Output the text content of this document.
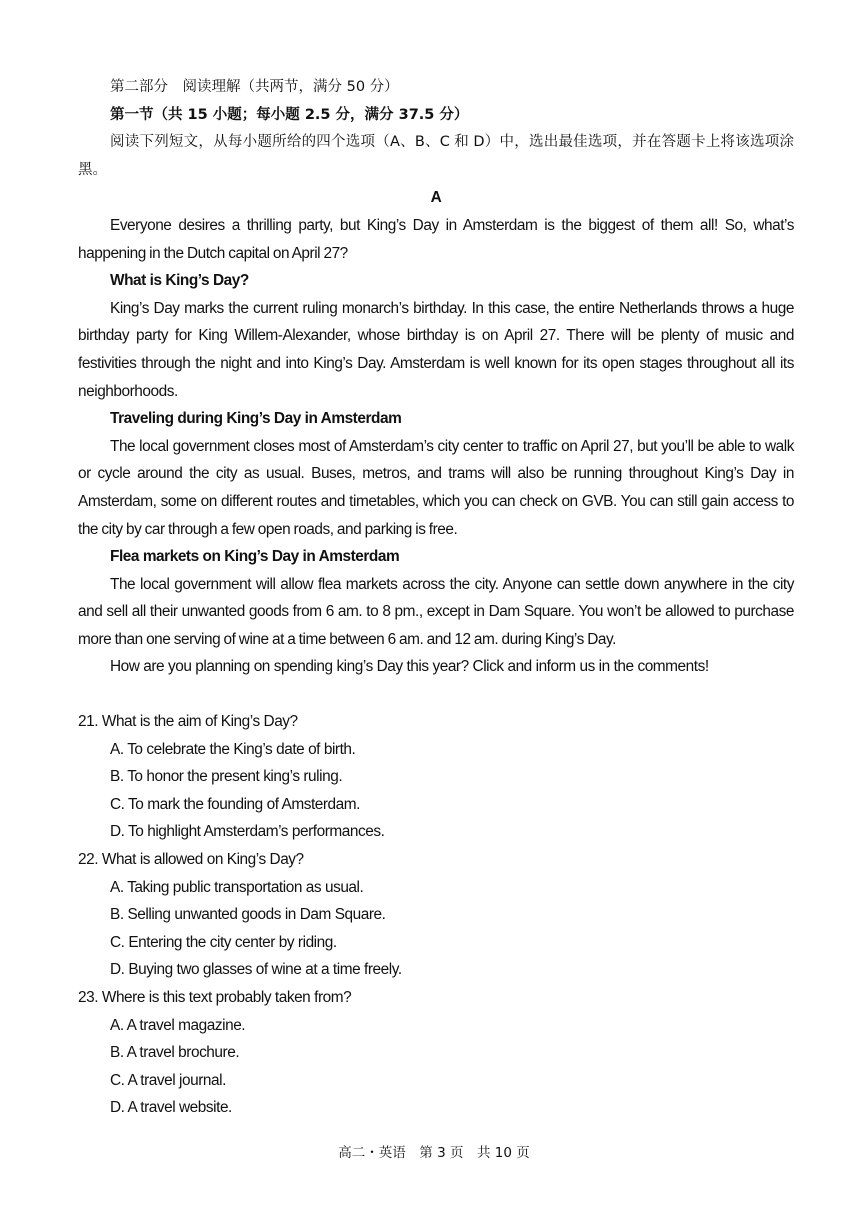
第二部分　阅读理解（共两节，满分 50 分）
第一节（共 15 小题；每小题 2.5 分，满分 37.5 分）
阅读下列短文，从每小题所给的四个选项（A、B、C 和 D）中，选出最佳选项，并在答题卡上将该选项涂黑。
A
Everyone desires a thrilling party, but King’s Day in Amsterdam is the biggest of them all! So, what’s happening in the Dutch capital on April 27?
What is King’s Day?
King’s Day marks the current ruling monarch’s birthday. In this case, the entire Netherlands throws a huge birthday party for King Willem-Alexander, whose birthday is on April 27. There will be plenty of music and festivities through the night and into King’s Day. Amsterdam is well known for its open stages throughout all its neighborhoods.
Traveling during King’s Day in Amsterdam
The local government closes most of Amsterdam’s city center to traffic on April 27, but you’ll be able to walk or cycle around the city as usual. Buses, metros, and trams will also be running throughout King’s Day in Amsterdam, some on different routes and timetables, which you can check on GVB. You can still gain access to the city by car through a few open roads, and parking is free.
Flea markets on King’s Day in Amsterdam
The local government will allow flea markets across the city. Anyone can settle down anywhere in the city and sell all their unwanted goods from 6 am. to 8 pm., except in Dam Square. You won’t be allowed to purchase more than one serving of wine at a time between 6 am. and 12 am. during King’s Day.
How are you planning on spending king’s Day this year? Click and inform us in the comments!
21. What is the aim of King’s Day?
A. To celebrate the King’s date of birth.
B. To honor the present king’s ruling.
C. To mark the founding of Amsterdam.
D. To highlight Amsterdam’s performances.
22. What is allowed on King’s Day?
A. Taking public transportation as usual.
B. Selling unwanted goods in Dam Square.
C. Entering the city center by riding.
D. Buying two glasses of wine at a time freely.
23. Where is this text probably taken from?
A. A travel magazine.
B. A travel brochure.
C. A travel journal.
D. A travel website.
高二・英语　第 3 页　共 10 页
